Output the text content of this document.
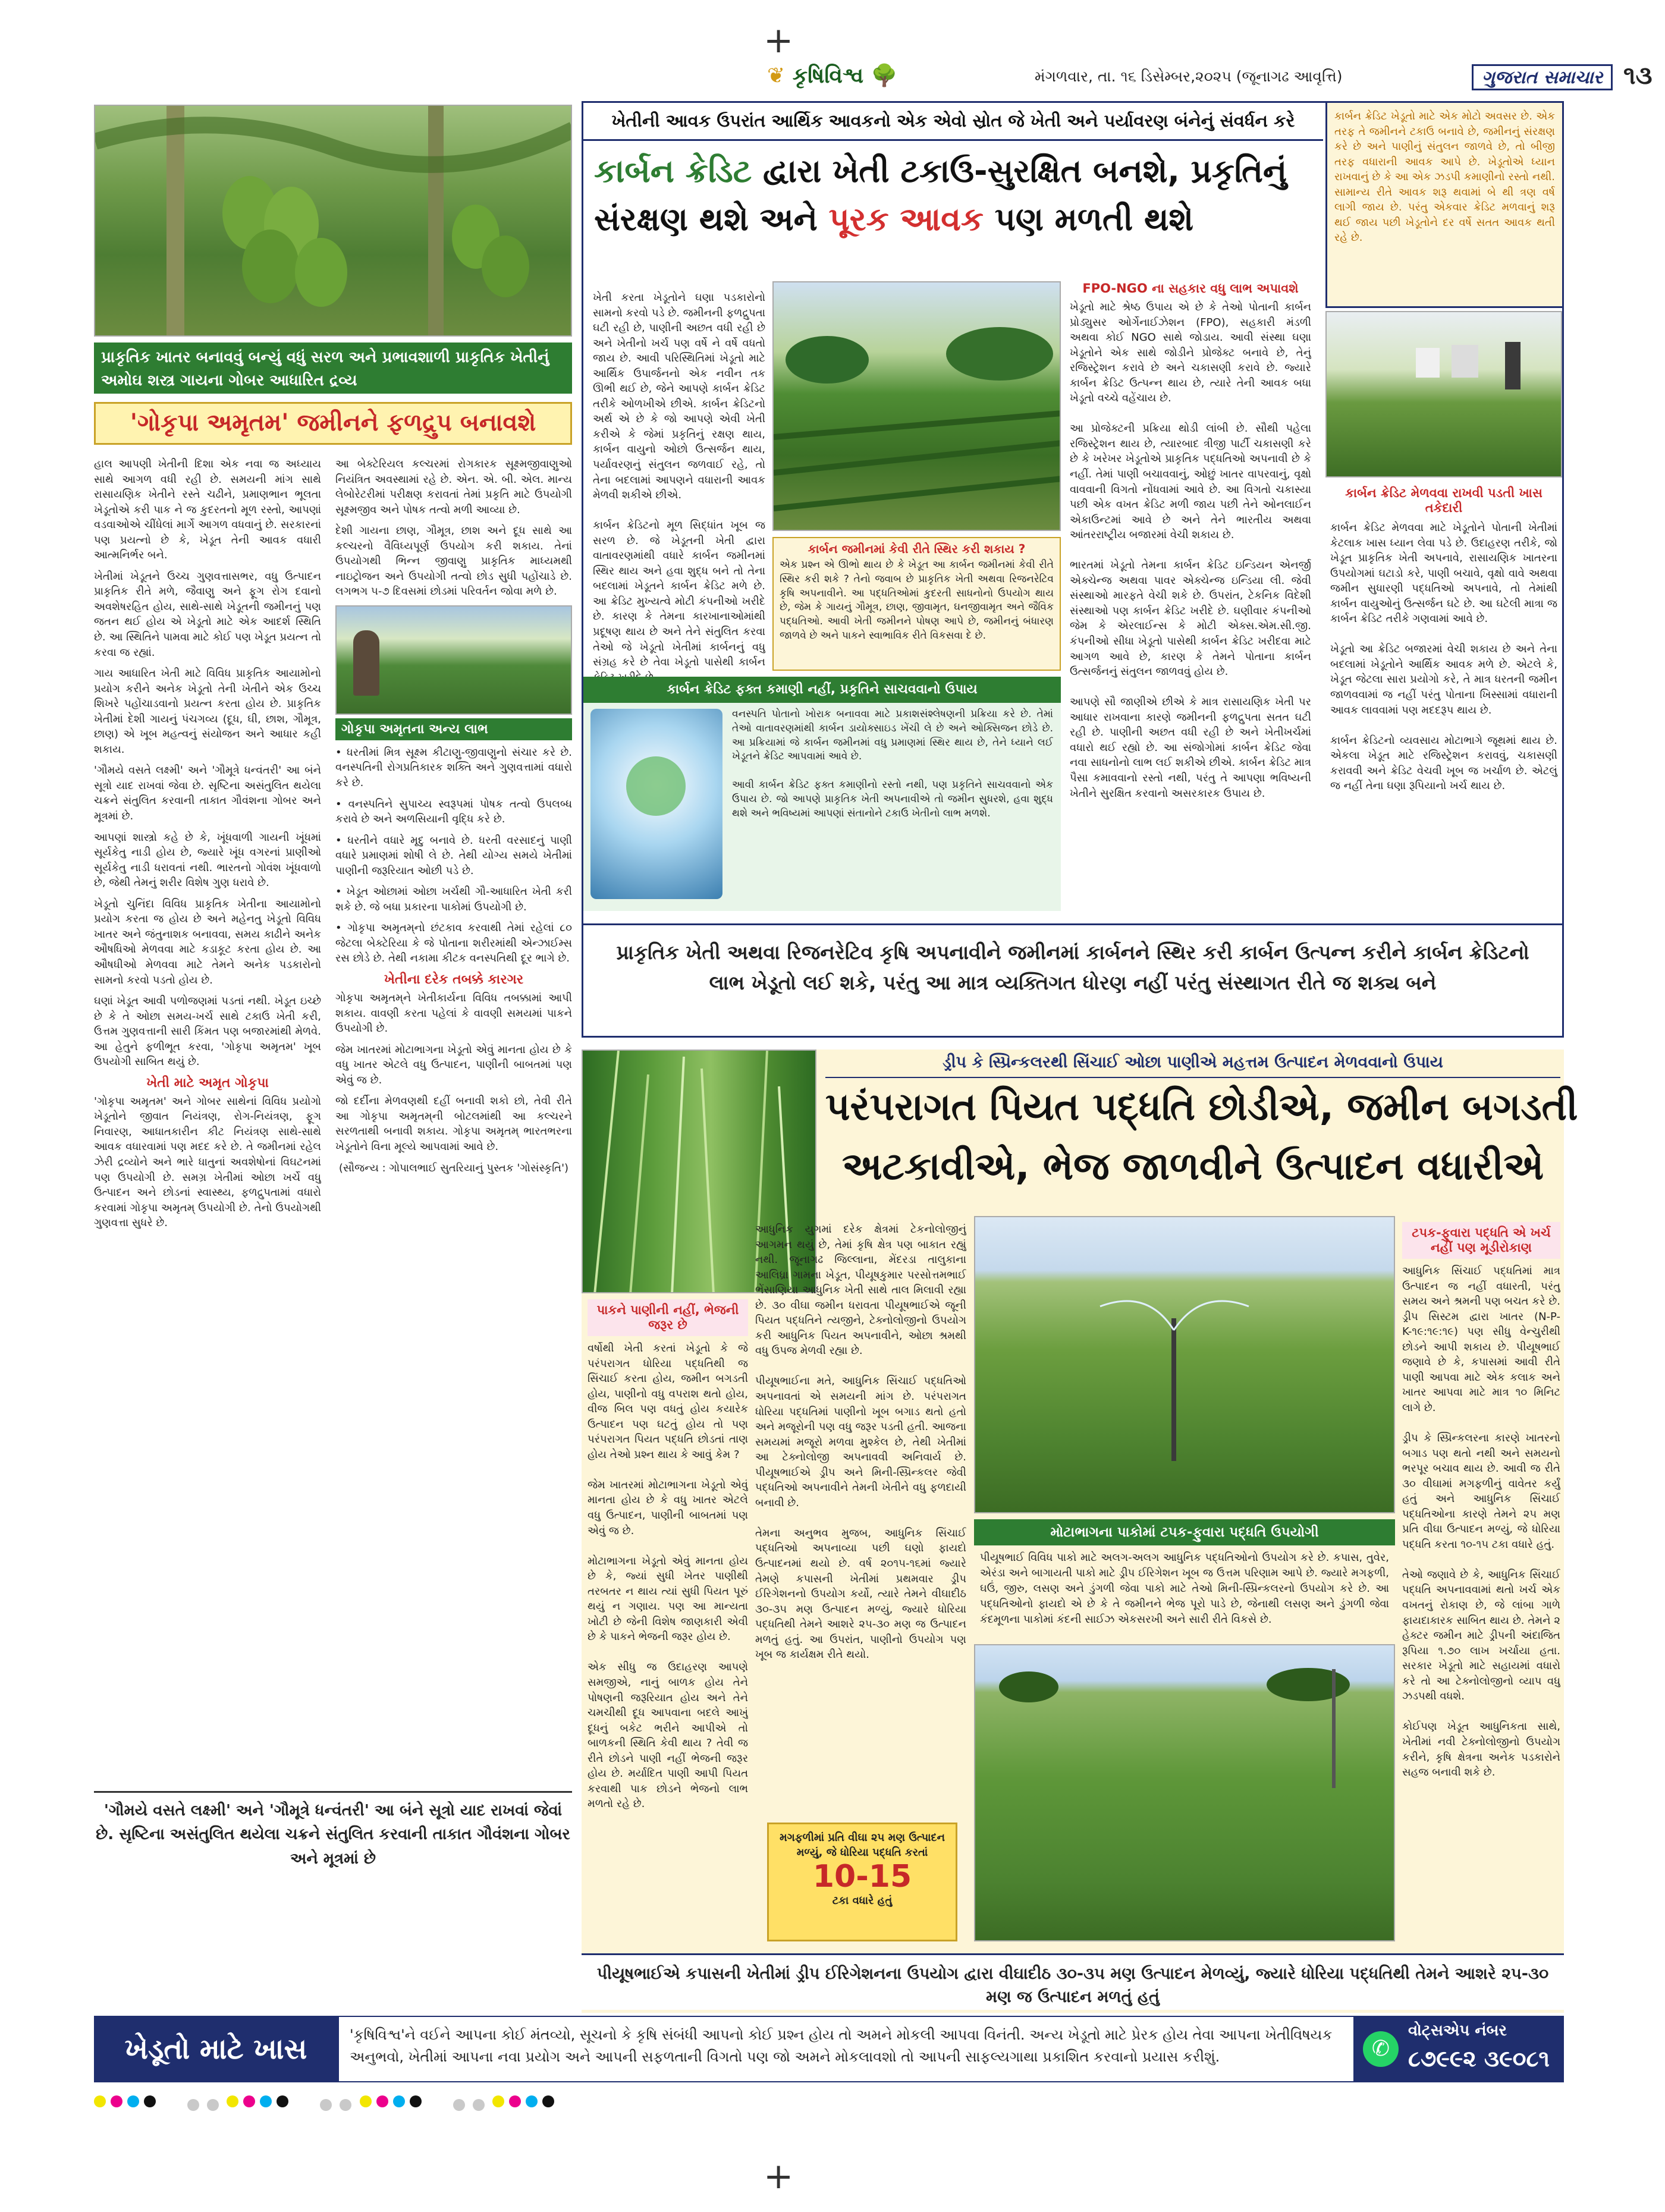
+
❦ કૃષિવિશ્વ 🌳	મંગળવાર, તા. ૧૬ ડિસેમ્બર,૨૦૨૫ (જૂનાગઢ આવૃત્તિ)	ગુજરાત સમાચાર ૧૩
પ્રાકૃતિક ખાતર બનાવવું બન્યું વધું સરળ અને પ્રભાવશાળી પ્રાકૃતિક ખેતીનું અમોઘ શસ્ત્ર ગાયના ગોબર આધારિત દ્રવ્ય
'ગોકૃપા અમૃતમ' જમીનને ફળદ્રુપ બનાવશે

હાલ આપણી ખેતીની દિશા એક નવા જ અધ્યાય સાથે આગળ વધી રહી છે. સમયની માંગ સાથે રાસાયણિક ખેતીને રસ્તે ચઢીને, પ્રમાણભાન ભૂલતા ખેડૂતોએ કરી પાક ને જ કુદરતનો મૂળ રસ્તો, આપણાં વડવાઓએ ચીંધેલાં માર્ગે આગળ વધવાનું છે. સરકારનાં પણ પ્રયત્નો છે કે, ખેડૂત તેની આવક વધારી આત્મનિર્ભર બને.

ખેતીમાં ખેડૂતને ઉચ્ચ ગુણવત્તાસભર, વધુ ઉત્પાદન પ્રાકૃતિક રીતે મળે, જૈવાણુ અને ફૂગ રોગ દવાનો અવશેષરહિત હોય, સાથે-સાથે ખેડૂતની જમીનનું પણ જતન થઈ હોય એ ખેડૂતો માટે એક આદર્શ સ્થિતિ છે. આ સ્થિતિને પામવા માટે કોઈ પણ ખેડૂત પ્રયત્ન તો કરવા જ રહ્યાં.

ગાય આધારિત ખેતી માટે વિવિધ પ્રાકૃતિક આયામોનો પ્રયોગ કરીને અનેક ખેડૂતો તેની ખેતીને એક ઉચ્ચ શિખરે પહોંચાડવાનો પ્રયત્ન કરતા હોય છે. પ્રાકૃતિક ખેતીમાં દેશી ગાયનું પંચગવ્ય (દૂધ, ઘી, છાશ, ગૌમૂત્ર, છાણ) એ ખૂબ મહત્વનું સંયોજન અને આધાર કહી શકાય.

'ગૌમયે વસતે લક્ષ્મી' અને 'ગૌમૂત્રે ધન્વંતરી' આ બંને સૂત્રો યાદ રાખવાં જેવા છે. સૃષ્ટિના અસંતુલિત થયેલા ચક્રને સંતુલિત કરવાની તાકાત ગૌવંશના ગોબર અને મૂત્રમાં છે.

આપણાં શાસ્ત્રો કહે છે કે, ખૂંધવાળી ગાયની ખૂંધમાં સૂર્યકેતુ નાડી હોય છે, જ્યારે ખૂંધ વગરનાં પ્રાણીઓ સૂર્યકેતુ નાડી ધરાવતાં નથી. ભારતનો ગોવંશ ખૂંધવાળો છે, જેથી તેમનું શરીર વિશેષ ગુણ ધરાવે છે.

ખેડૂતો ચુનિંદા વિવિધ પ્રાકૃતિક ખેતીના આયામોનો પ્રયોગ કરતા જ હોય છે અને મહેનતુ ખેડૂતો વિવિધ ખાતર અને જંતુનાશક બનાવવા, સમય કાઢીને અનેક ઔષધિઓ મેળવવા માટે કડાકૂટ કરતા હોય છે. આ ઔષધીઓ મેળવવા માટે તેમને અનેક પડકારોનો સામનો કરવો પડતો હોય છે.

ઘણાં ખેડૂત આવી પળોજણમાં પડતાં નથી. ખેડૂત ઇચ્છે છે કે તે ઓછા સમય-ખર્ચ સાથે ટકાઉ ખેતી કરી, ઉત્તમ ગુણવત્તાની સારી કિંમત પણ બજારમાંથી મેળવે. આ હેતુને ફળીભૂત કરવા, 'ગોકૃપા અમૃતમ' ખૂબ ઉપયોગી સાબિત થયું છે.

ખેતી માટે અમૃત ગોકૃપા

'ગોકૃપા અમૃતમ' અને ગોબર સાથેનાં વિવિધ પ્રયોગો ખેડૂતોને જીવાત નિયંત્રણ, રોગ-નિયંત્રણ, ફૂગ નિવારણ, આધાતકારીન કીટ નિયંત્રણ સાથે-સાથે આવક વધારવામાં પણ મદદ કરે છે. તે જમીનમાં રહેલ ઝેરી દ્રવ્યોને અને ભારે ધાતુનાં અવશેષોનાં વિઘટનમાં પણ ઉપયોગી છે. સમગ્ર ખેતીમાં ઓછા ખર્ચે વધુ ઉત્પાદન અને છોડનાં સ્વાસ્થ્ય, ફળદ્રુપતામાં વધારો કરવામાં ગોકૃપા અમૃતમ્ ઉપયોગી છે. તેનો ઉપયોગથી ગુણવત્તા સુધરે છે.

આ બેક્ટેરિયલ કલ્ચરમાં રોગકારક સૂક્ષ્મજીવાણુઓ નિયંત્રિત અવસ્થામાં રહે છે. એન. એ. બી. એલ. માન્ય લેબોરેટરીમાં પરીક્ષણ કરાવતાં તેમાં પ્રકૃતિ માટે ઉપયોગી સૂક્ષ્મજીવ અને પોષક તત્વો મળી આવ્યા છે.

દેશી ગાયના છાણ, ગૌમૂત્ર, છાશ અને દૂધ સાથે આ કલ્ચરનો વૈવિધ્યપૂર્ણ ઉપયોગ કરી શકાય. તેનાં ઉપયોગથી ભિન્ન જીવાણુ પ્રાકૃતિક માધ્યમથી નાઇટ્રોજન અને ઉપયોગી તત્વો છોડ સુધી પહોંચાડે છે. લગભગ ૫-૭ દિવસમાં છોડમાં પરિવર્તન જોવા મળે છે.

ગોકૃપા અમૃતના અન્ય લાભ

• ધરતીમાં મિત્ર સૂક્ષ્મ કીટાણુ-જીવાણુનો સંચાર કરે છે. વનસ્પતિની રોગપ્રતિકારક શક્તિ અને ગુણવત્તામાં વધારો કરે છે.

• વનસ્પતિને સુપાચ્ય સ્વરૂપમાં પોષક તત્વો ઉપલબ્ધ કરાવે છે અને અળસિયાની વૃદ્ધિ કરે છે.

• ધરતીને વધારે મૃદુ બનાવે છે. ધરતી વરસાદનું પાણી વધારે પ્રમાણમાં શોષી લે છે. તેથી યોગ્ય સમયે ખેતીમાં પાણીની જરૂરિયાત ઓછી પડે છે.

• ખેડૂત ઓછામાં ઓછા ખર્ચથી ગૌ-આધારિત ખેતી કરી શકે છે. જે બધા પ્રકારના પાકોમાં ઉપયોગી છે.

• ગોકૃપા અમૃતમ્‌નો છંટકાવ કરવાથી તેમાં રહેલાં ૮૦ જેટલા બેક્ટેરિયા કે જે પોતાના શરીરમાંથી એન્ઝાઈમ્સ રસ છોડે છે. તેથી નકામા કીટક વનસ્પતિથી દૂર ભાગે છે.

ખેતીના દરેક તબક્કે કારગર

ગોકૃપા અમૃતમ્‌ને ખેતીકાર્યના વિવિધ તબક્કામાં આપી શકાય. વાવણી કરતા પહેલાં કે વાવણી સમયમાં પાકને ઉપયોગી છે.

જેમ ખાતરમાં મોટાભાગના ખેડૂતો એવું માનતા હોય છે કે વધુ ખાતર એટલે વધુ ઉત્પાદન, પાણીની બાબતમાં પણ એવું જ છે.

જો દર્દીના મેળવણથી દહીં બનાવી શકો છો, તેવી રીતે આ ગોકૃપા અમૃતમ્‌ની બોટલમાંથી આ કલ્ચરને સરળતાથી બનાવી શકાય. ગોકૃપા અમૃતમ્ ભારતભરના ખેડૂતોને વિના મૂલ્યે આપવામાં આવે છે.

(સૌજન્ય : ગોપાલભાઈ સુતરિયાનું પુસ્તક 'ગોસંસ્કૃતિ')

'ગૌમયે વસતે લક્ષ્મી' અને 'ગૌમૂત્રે ધન્વંતરી' આ બંને સૂત્રો યાદ રાખવાં જેવાં છે. સૃષ્ટિના અસંતુલિત થયેલા ચક્રને સંતુલિત કરવાની તાકાત ગૌવંશના ગોબર અને મૂત્રમાં છે
ખેતીની આવક ઉપરાંત આર્થિક આવકનો એક એવો સ્રોત જે ખેતી અને પર્યાવરણ બંનેનું સંવર્ધન કરે
કાર્બન ક્રેડિટ દ્વારા ખેતી ટકાઉ-સુરક્ષિત બનશે, પ્રકૃતિનું
સંરક્ષણ થશે અને પૂરક આવક પણ મળતી થશે
કાર્બન ક્રેડિટ ખેડૂતો માટે એક મોટો અવસર છે. એક તરફ તે જમીનને ટકાઉ બનાવે છે, જમીનનું સંરક્ષણ કરે છે અને પાણીનું સંતુલન જાળવે છે, તો બીજી તરફ વધારાની આવક આપે છે. ખેડૂતોએ ધ્યાન રાખવાનું છે કે આ એક ઝડપી કમાણીનો રસ્તો નથી. સામાન્ય રીતે આવક શરૂ થવામાં બે થી ત્રણ વર્ષ લાગી જાય છે. પરંતુ એકવાર ક્રેડિટ મળવાનું શરૂ થઈ જાય પછી ખેડૂતોને દર વર્ષે સતત આવક થતી રહે છે.

ખેતી કરતા ખેડૂતોને ઘણા પડકારોનો સામનો કરવો પડે છે. જમીનની ફળદ્રુપતા ઘટી રહી છે, પાણીની અછત વધી રહી છે અને ખેતીનો ખર્ચ પણ વર્ષે ને વર્ષે વધતો જાય છે. આવી પરિસ્થિતિમાં ખેડૂતો માટે આર્થિક ઉપાર્જનનો એક નવીન તક ઊભી થઈ છે, જેને આપણે કાર્બન ક્રેડિટ તરીકે ઓળખીએ છીએ. કાર્બન ક્રેડિટનો અર્થ એ છે કે જો આપણે એવી ખેતી કરીએ કે જેમાં પ્રકૃતિનું રક્ષણ થાય, કાર્બન વાયુનો ઓછો ઉત્સર્જન થાય, પર્યાવરણનું સંતુલન જળવાઈ રહે, તો તેના બદલામાં આપણને વધારાની આવક મેળવી શકીએ છીએ.

કાર્બન ક્રેડિટનો મૂળ સિદ્ધાંત ખૂબ જ સરળ છે. જે ખેડૂતની ખેતી દ્વારા વાતાવરણમાંથી વધારે કાર્બન જમીનમાં સ્થિર થાય અને હવા શુદ્ધ બને તો તેના બદલામાં ખેડૂતને કાર્બન ક્રેડિટ મળે છે. આ ક્રેડિટ મુખ્યત્વે મોટી કંપનીઓ ખરીદે છે. કારણ કે તેમના કારખાનાઓમાંથી પ્રદૂષણ થાય છે અને તેને સંતુલિત કરવા તેઓ જે ખેડૂતો ખેતીમાં કાર્બનનું વધુ સંગ્રહ કરે છે તેવા ખેડૂતો પાસેથી કાર્બન

કાર્બન જમીનમાં કેવી રીતે સ્થિર કરી શકાય ?
એક પ્રશ્ન એ ઊભો થાય છે કે ખેડૂત આ કાર્બન જમીનમાં કેવી રીતે સ્થિર કરી શકે ? તેનો જવાબ છે પ્રાકૃતિક ખેતી અથવા રિજનરેટિવ કૃષિ અપનાવીને. આ પદ્ધતિઓમાં કુદરતી સાધનોનો ઉપયોગ થાય છે, જેમ કે ગાયનું ગૌમૂત્ર, છાણ, જીવામૃત, ઘનજીવામૃત અને જૈવિક પદ્ધતિઓ. આવી ખેતી જમીનને પોષણ આપે છે, જમીનનું બંધારણ જાળવે છે અને પાકને સ્વાભાવિક રીતે વિકસવા દે છે.
કાર્બન ક્રેડિટ ફક્ત કમાણી નહીં, પ્રકૃતિને સાચવવાનો ઉપાય
વનસ્પતિ પોતાનો ખોરાક બનાવવા માટે પ્રકાશસંશ્લેષણની પ્રક્રિયા કરે છે. તેમાં તેઓ વાતાવરણમાંથી કાર્બન ડાયોક્સાઇડ ખેંચી લે છે અને ઓક્સિજન છોડે છે. આ પ્રક્રિયામાં જે કાર્બન જમીનમાં વધુ પ્રમાણમાં સ્થિર થાય છે, તેને ધ્યાને લઈ ખેડૂતને ક્રેડિટ આપવામાં આવે છે.

આવી કાર્બન ક્રેડિટ ફક્ત કમાણીનો રસ્તો નથી, પણ પ્રકૃતિને સાચવવાનો એક ઉપાય છે. જો આપણે પ્રાકૃતિક ખેતી અપનાવીએ તો જમીન સુધરશે, હવા શુદ્ધ થશે અને ભવિષ્યમાં આપણાં સંતાનોને ટકાઉ ખેતીનો લાભ મળશે.
FPO-NGO ના સહકાર વધુ લાભ અપાવશે
ખેડૂતો માટે શ્રેષ્ઠ ઉપાય એ છે કે તેઓ પોતાની કાર્બન પ્રોડ્યુસર ઓર્ગેનાઈઝેશન (FPO), સહકારી મંડળી અથવા કોઈ NGO સાથે જોડાય. આવી સંસ્થા ઘણા ખેડૂતોને એક સાથે જોડીને પ્રોજેક્ટ બનાવે છે, તેનું રજિસ્ટ્રેશન કરાવે છે અને ચકાસણી કરાવે છે. જ્યારે કાર્બન ક્રેડિટ ઉત્પન્ન થાય છે, ત્યારે તેની આવક બધા ખેડૂતો વચ્ચે વહેંચાય છે.

આ પ્રોજેક્ટની પ્રક્રિયા થોડી લાંબી છે. સૌથી પહેલા રજિસ્ટ્રેશન થાય છે, ત્યારબાદ ત્રીજી પાર્ટી ચકાસણી કરે છે કે ખરેખર ખેડૂતોએ પ્રાકૃતિક પદ્ધતિઓ અપનાવી છે કે નહીં. તેમાં પાણી બચાવવાનું, ઓછું ખાતર વાપરવાનું, વૃક્ષો વાવવાની વિગતો નોંધવામાં આવે છે. આ વિગતો ચકાસ્યા પછી એક વખત ક્રેડિટ મળી જાય પછી તેને ઓનલાઈન એકાઉન્ટમાં આવે છે અને તેને ભારતીય અથવા આંતરરાષ્ટ્રીય બજારમાં વેચી શકાય છે.

ભારતમાં ખેડૂતો તેમના કાર્બન ક્રેડિટ ઇન્ડિયન એનર્જી એક્ચેન્જ અથવા પાવર એક્ચેન્જ ઇન્ડિયા લી. જેવી સંસ્થાઓ મારફતે વેચી શકે છે. ઉપરાંત, ટેકનિક વિદેશી સંસ્થાઓ પણ કાર્બન ક્રેડિટ ખરીદે છે. ઘણીવાર કંપનીઓ જેમ કે એરલાઈન્સ કે મોટી એક્સ.એમ.સી.જી. કંપનીઓ સીધા ખેડૂતો પાસેથી કાર્બન ક્રેડિટ ખરીદવા માટે આગળ આવે છે, કારણ કે તેમને પોતાના કાર્બન ઉત્સર્જનનું સંતુલન જાળવવું હોય છે.

આપણે સૌ જાણીએ છીએ કે માત્ર રાસાયણિક ખેતી પર આધાર રાખવાના કારણે જમીનની ફળદ્રુપતા સતત ઘટી રહી છે. પાણીની અછત વધી રહી છે અને ખેતીખર્ચમાં વધારો થઈ રહ્યો છે. આ સંજોગોમાં કાર્બન ક્રેડિટ જેવા નવા સાધનોનો લાભ લઈ શકીએ છીએ. કાર્બન ક્રેડિટ માત્ર પૈસા કમાવવાનો રસ્તો નથી, પરંતુ તે આપણા ભવિષ્યની ખેતીને સુરક્ષિત કરવાનો અસરકારક ઉપાય છે.
કાર્બન ક્રેડિટ મેળવવા રાખવી પડતી ખાસ તકેદારી
કાર્બન ક્રેડિટ મેળવવા માટે ખેડૂતોને પોતાની ખેતીમાં કેટલાક ખાસ ધ્યાન લેવા પડે છે. ઉદાહરણ તરીકે, જો ખેડૂત પ્રાકૃતિક ખેતી અપનાવે, રાસાયણિક ખાતરના ઉપયોગમાં ઘટાડો કરે, પાણી બચાવે, વૃક્ષો વાવે અથવા જમીન સુધારણી પદ્ધતિઓ અપનાવે, તો તેમાંથી કાર્બન વાયુઓનું ઉત્સર્જન ઘટે છે. આ ઘટેલી માત્રા જ કાર્બન ક્રેડિટ તરીકે ગણવામાં આવે છે.

ખેડૂતો આ ક્રેડિટ બજારમાં વેચી શકાય છે અને તેના બદલામાં ખેડૂતોને આર્થિક આવક મળે છે. એટલે કે, ખેડૂત જેટલા સારા પ્રયોગો કરે, તે માત્ર ધરતની જમીન જાળવવામાં જ નહીં પરંતુ પોતાના ખિસ્સામાં વધારાની આવક લાવવામાં પણ મદદરૂપ થાય છે.

કાર્બન ક્રેડિટનો વ્યવસાય મોટાભાગે જૂથમાં થાય છે. એકલા ખેડૂત માટે રજિસ્ટ્રેશન કરાવવું, ચકાસણી કરાવવી અને ક્રેડિટ વેચવી ખૂબ જ ખર્ચાળ છે. એટલું જ નહીં તેના ઘણા રૂપિયાનો ખર્ચ થાય છે.
પ્રાકૃતિક ખેતી અથવા રિજનરેટિવ કૃષિ અપનાવીને જમીનમાં કાર્બનને સ્થિર કરી કાર્બન ઉત્પન્ન કરીને કાર્બન ક્રેડિટનો લાભ ખેડૂતો લઈ શકે, પરંતુ આ માત્ર વ્યક્તિગત ધોરણ નહીં પરંતુ સંસ્થાગત રીતે જ શક્ય બને
ડ્રીપ કે સ્પ્રિન્કલરથી સિંચાઈ ઓછા પાણીએ મહત્તમ ઉત્પાદન મેળવવાનો ઉપાય
પરંપરાગત પિયત પદ્ધતિ છોડીએ, જમીન બગડતી
અટકાવીએ, ભેજ જાળવીને ઉત્પાદન વધારીએ
પાકને પાણીની નહીં, ભેજની જરૂર છે
વર્ષોથી ખેતી કરતાં ખેડૂતો કે જે પરંપરાગત ધોરિયા પદ્ધતિથી જ સિંચાઈ કરતા હોય, જમીન બગડતી હોય, પાણીનો વધુ વપરાશ થતો હોય, વીજ બિલ પણ વધતું હોય કયારેક ઉત્પાદન પણ ઘટતું હોય તો પણ પરંપરાગત પિયત પદ્ધતિ છોડતાં તાણ હોય તેઓ પ્રશ્ન થાય કે આવું કેમ ?

જેમ ખાતરમાં મોટાભાગના ખેડૂતો એવું માનતા હોય છે કે વધુ ખાતર એટલે વધુ ઉત્પાદન, પાણીની બાબતમાં પણ એવું જ છે.

મોટાભાગના ખેડૂતો એવું માનતા હોય છે કે, જ્યાં સુધી ખેતર પાણીથી તરબતર ન થાય ત્યાં સુધી પિયત પૂરું થયું ન ગણાય. પણ આ માન્યતા ખોટી છે જેની વિશેષ જાણકારી એવી છે કે પાકને ભેજની જરૂર હોય છે.

એક સીધુ જ ઉદાહરણ આપણે સમજીએ, નાનું બાળક હોય તેને પોષણની જરૂરિયાત હોય અને તેને ચમચીથી દૂધ આપવાના બદલે આખું દૂધનું બકેટ ભરીને આપીએ તો બાળકની સ્થિતિ કેવી થાય ? તેવી જ રીતે છોડને પાણી નહીં ભેજની જરૂર હોય છે. મર્યાદિત પાણી આપી પિયત કરવાથી પાક છોડને ભેજનો લાભ મળતો રહે છે.
આધુનિક યુગમાં દરેક ક્ષેત્રમાં ટેકનોલોજીનું આગમન થયું છે, તેમાં કૃષિ ક્ષેત્ર પણ બાકાત રહ્યું નથી. જૂનાગઢ જિલ્લાના, મેંદરડા તાલુકાના આલિધ્રા ગામના ખેડૂત, પીયૂષકુમાર પરસોત્તમભાઈ ભેંસાણિયા આધુનિક ખેતી સાથે તાલ મિલાવી રહ્યા છે. ૩૦ વીઘા જમીન ધરાવતા પીયૂષભાઈએ જૂની પિયત પદ્ધતિને ત્યજીને, ટેક્નોલોજીનો ઉપયોગ કરી આધુનિક પિયત અપનાવીને, ઓછા શ્રમથી વધુ ઉપજ મેળવી રહ્યા છે.

પીયૂષભાઈના મતે, આધુનિક સિંચાઈ પદ્ધતિઓ અપનાવતાં એ સમયની માંગ છે. પરંપરાગત ધોરિયા પદ્ધતિમાં પાણીનો ખૂબ બગાડ થતો હતો અને મજૂરોની પણ વધુ જરૂર પડતી હતી. આજના સમયમાં મજૂરો મળવા મુશ્કેલ છે, તેથી ખેતીમાં આ ટેક્નોલોજી અપનાવવી અનિવાર્ય છે. પીયૂષભાઈએ ડ્રીપ અને મિની-સ્પ્રિન્કલર જેવી પદ્ધતિઓ અપનાવીને તેમની ખેતીને વધુ ફળદાયી બનાવી છે.

તેમના અનુભવ મુજબ, આધુનિક સિંચાઈ પદ્ધતિઓ અપનાવ્યા પછી ઘણો ફાયદો ઉત્પાદનમાં થયો છે. વર્ષ ૨૦૧૫-૧૬માં જ્યારે તેમણે કપાસની ખેતીમાં પ્રથમવાર ડ્રીપ ઈરિગેશનનો ઉપયોગ કર્યો, ત્યારે તેમને વીઘાદીઠ ૩૦-૩૫ મણ ઉત્પાદન મળ્યું, જ્યારે ધોરિયા પદ્ધતિથી તેમને આશરે ૨૫-૩૦ મણ જ ઉત્પાદન મળતું હતું. આ ઉપરાંત, પાણીનો ઉપયોગ પણ ખૂબ જ કાર્યક્ષમ રીતે થયો.
મગફળીમાં પ્રતિ વીઘા ૨૫ મણ ઉત્પાદન મળ્યું, જે ધોરિયા પદ્ધતિ કરતાં
10-15
ટકા વધારે હતું
મોટાભાગના પાકોમાં ટપક-ફુવારા પદ્ધતિ ઉપયોગી
પીયૂષભાઈ વિવિધ પાકો માટે અલગ-અલગ આધુનિક પદ્ધતિઓનો ઉપયોગ કરે છે. કપાસ, તુવેર, એરંડા અને બાગાયતી પાકો માટે ડ્રીપ ઈરિગેશન ખૂબ જ ઉત્તમ પરિણામ આપે છે. જ્યારે મગફળી, ઘઉં, જીરુ, લસણ અને ડુંગળી જેવા પાકો માટે તેઓ મિની-સ્પ્રિન્કલરનો ઉપયોગ કરે છે. આ પદ્ધતિઓનો ફાયદો એ છે કે તે જમીનને ભેજ પૂરો પાડે છે, જેનાથી લસણ અને ડુંગળી જેવા કંદમૂળના પાકોમાં કંદની સાઈઝ એકસરખી અને સારી રીતે વિકસે છે.
ટપક-ફુવારા પદ્ધતિ એ ખર્ચ નહીં પણ મૂડીરોકાણ
આધુનિક સિંચાઈ પદ્ધતિમાં માત્ર ઉત્પાદન જ નહીં વધારતી, પરંતુ સમય અને શ્રમની પણ બચત કરે છે. ડ્રીપ સિસ્ટમ દ્વારા ખાતર (N-P-K-૧૯:૧૯:૧૯) પણ સીધુ વેન્ચુરીથી છોડને આપી શકાય છે. પીયૂષભાઈ જણાવે છે કે, કપાસમાં આવી રીતે પાણી આપવા માટે એક કલાક અને ખાતર આપવા માટે માત્ર ૧૦ મિનિટ લાગે છે.

ડ્રીપ કે સ્પ્રિન્કલરના કારણે ખાતરનો બગાડ પણ થતો નથી અને સમયનો ભરપૂર બચાવ થાય છે. આવી જ રીતે ૩૦ વીઘામાં મગફળીનું વાવેતર કર્યું હતું અને આધુનિક સિંચાઈ પદ્ધતિઓના કારણે તેમને ૨૫ મણ પ્રતિ વીઘા ઉત્પાદન મળ્યું, જે ધોરિયા પદ્ધતિ કરતા ૧૦-૧૫ ટકા વધારે હતું.

તેઓ જણાવે છે કે, આધુનિક સિંચાઈ પદ્ધતિ અપનાવવામાં થતો ખર્ચ એક વખતનું રોકાણ છે, જે લાંબા ગાળે ફાયદાકારક સાબિત થાય છે. તેમને ૨ હેક્ટર જમીન માટે ડ્રીપની અંદાજિત રૂપિયા ૧.૭૦ લાખ ખર્ચાયા હતા. સરકાર ખેડૂતો માટે સહાયમાં વધારો કરે તો આ ટેક્નોલોજીનો વ્યાપ વધુ ઝડપથી વધશે.

કોઈપણ ખેડૂત આધુનિકતા સાથે, ખેતીમાં નવી ટેક્નોલોજીનો ઉપયોગ કરીને, કૃષિ ક્ષેત્રના અનેક પડકારોને સહજ બનાવી શકે છે.
પીયૂષભાઈએ કપાસની ખેતીમાં ડ્રીપ ઈરિગેશનના ઉપયોગ દ્વારા વીઘાદીઠ ૩૦-૩૫ મણ ઉત્પાદન મેળવ્યું, જ્યારે ધોરિયા પદ્ધતિથી તેમને આશરે ૨૫-૩૦ મણ જ ઉત્પાદન મળતું હતું
ખેડૂતો માટે ખાસ	'કૃષિવિશ્વ'ને વઈને આપના કોઈ મંતવ્યો, સૂચનો કે કૃષિ સંબંધી આપનો કોઈ પ્રશ્ન હોય તો અમને મોકલી આપવા વિનંતી. અન્ય ખેડૂતો માટે પ્રેરક હોય તેવા આપના ખેતીવિષયક અનુભવો, ખેતીમાં આપના નવા પ્રયોગ અને આપની સફળતાની વિગતો પણ જો અમને મોકલાવશો તો આપની સાફલ્યગાથા પ્રકાશિત કરવાનો પ્રયાસ કરીશું.	✆
વોટ્સએપ નંબર
૮૭૯૯૨ ૩૯૦૮૧

+
